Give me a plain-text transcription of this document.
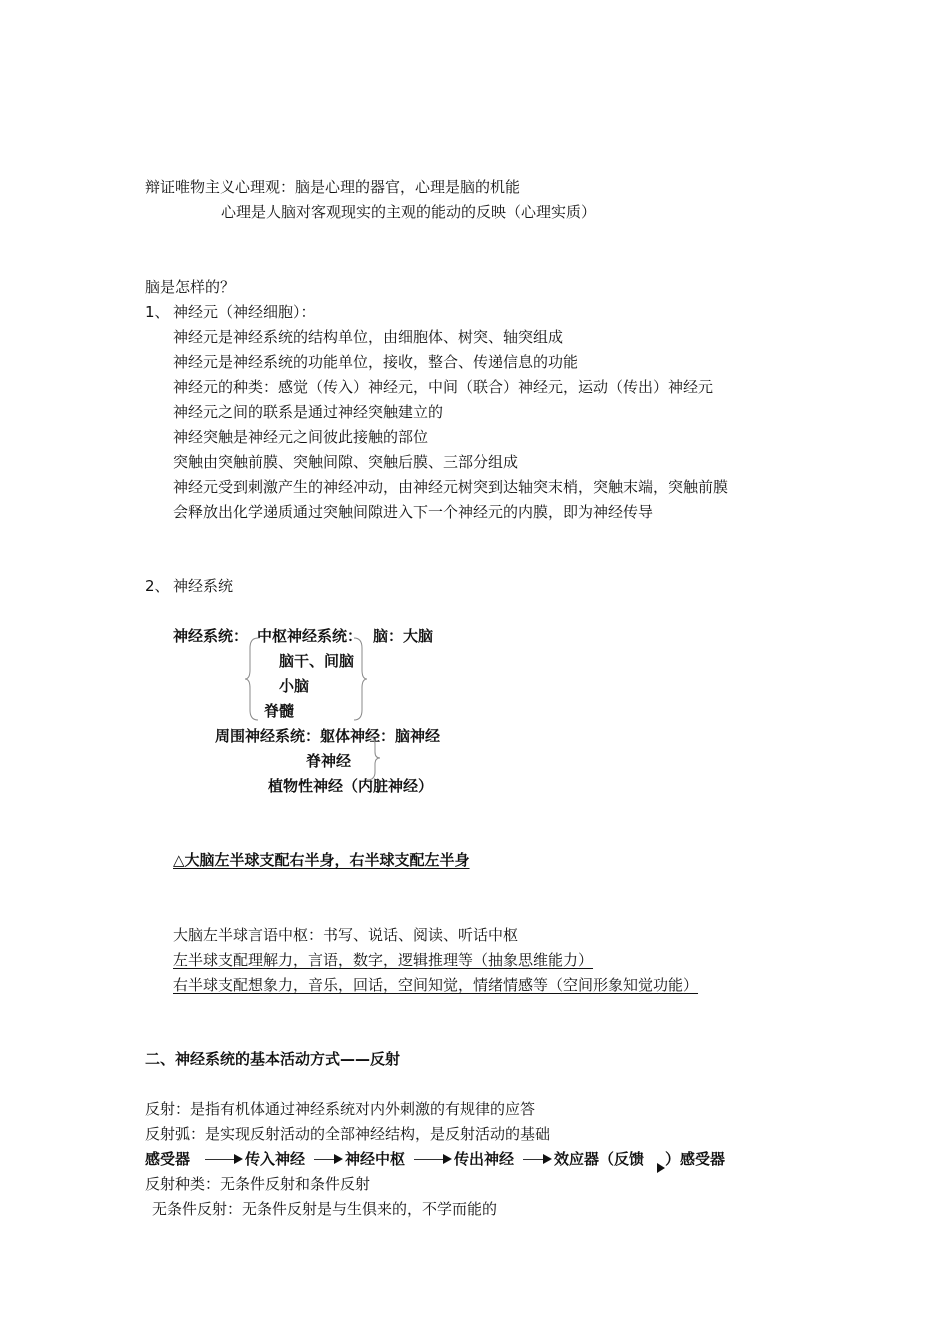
辩证唯物主义心理观：脑是心理的器官，心理是脑的机能
心理是人脑对客观现实的主观的能动的反映（心理实质）
脑是怎样的？
1、 神经元（神经细胞）：
神经元是神经系统的结构单位，由细胞体、树突、轴突组成
神经元是神经系统的功能单位，接收，整合、传递信息的功能
神经元的种类：感觉（传入）神经元，中间（联合）神经元，运动（传出）神经元
神经元之间的联系是通过神经突触建立的
神经突触是神经元之间彼此接触的部位
突触由突触前膜、突触间隙、突触后膜、三部分组成
神经元受到刺激产生的神经冲动，由神经元树突到达轴突末梢，突触末端，突触前膜
会释放出化学递质通过突触间隙进入下一个神经元的内膜，即为神经传导
2、 神经系统
神经系统： 中枢神经系统： 脑：大脑
脑干、间脑
小脑
脊髓
周围神经系统：躯体神经：脑神经
脊神经
植物性神经（内脏神经）
△大脑左半球支配右半身，右半球支配左半身
大脑左半球言语中枢：书写、说话、阅读、听话中枢
左半球支配理解力，言语，数字，逻辑推理等（抽象思维能力）
右半球支配想象力，音乐，回话，空间知觉，情绪情感等（空间形象知觉功能）
二、神经系统的基本活动方式——反射
反射：是指有机体通过神经系统对内外刺激的有规律的应答
反射弧：是实现反射活动的全部神经结构，是反射活动的基础
感受器	传入神经	神经中枢	传出神经	效应器（反馈 ）感受器
反射种类：无条件反射和条件反射
无条件反射：无条件反射是与生俱来的，不学而能的
